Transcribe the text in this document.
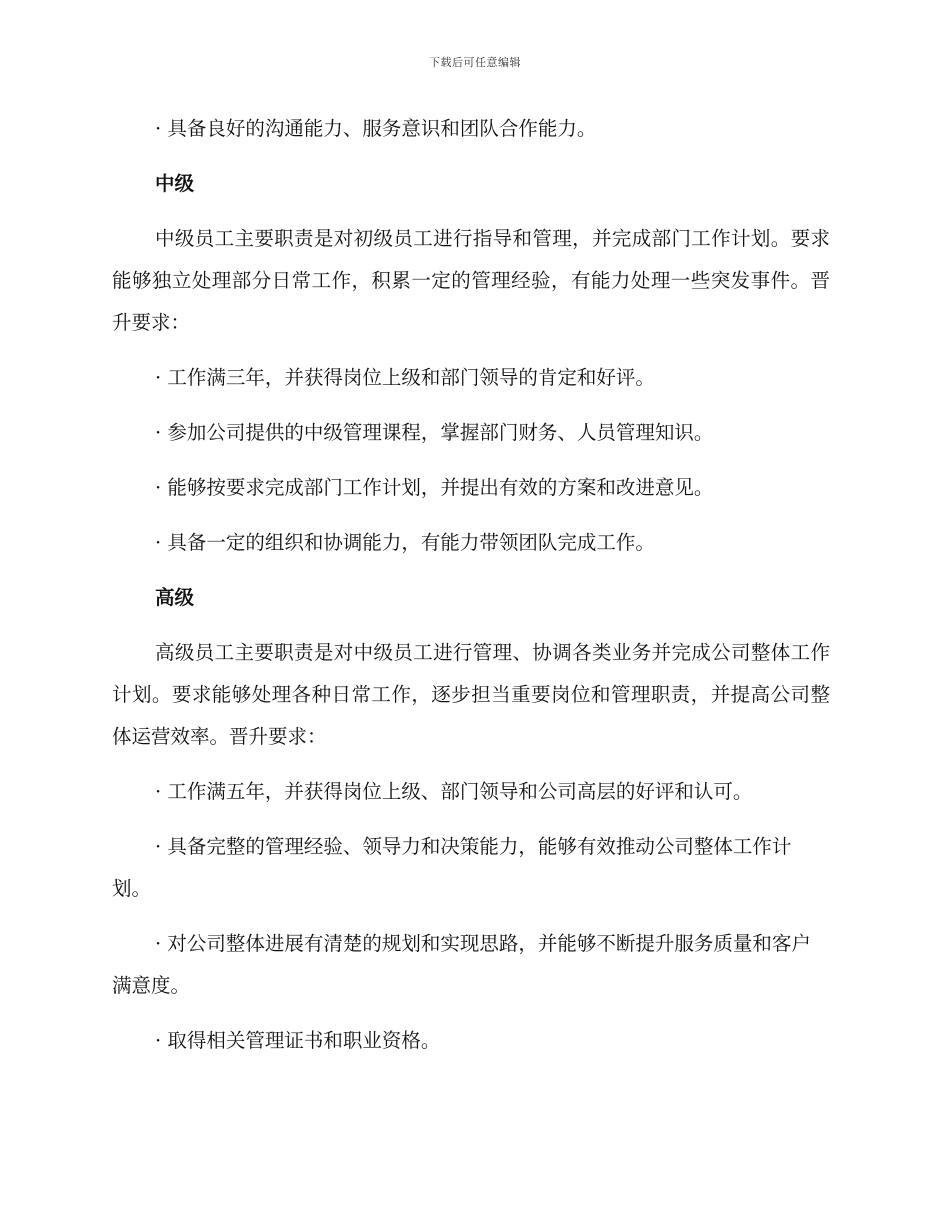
下载后可任意编辑

· 具备良好的沟通能力、服务意识和团队合作能力。

中级

中级员工主要职责是对初级员工进行指导和管理，并完成部门工作计划。要求能够独立处理部分日常工作，积累一定的管理经验，有能力处理一些突发事件。晋升要求：

· 工作满三年，并获得岗位上级和部门领导的肯定和好评。

· 参加公司提供的中级管理课程，掌握部门财务、人员管理知识。

· 能够按要求完成部门工作计划，并提出有效的方案和改进意见。

· 具备一定的组织和协调能力，有能力带领团队完成工作。

高级

高级员工主要职责是对中级员工进行管理、协调各类业务并完成公司整体工作计划。要求能够处理各种日常工作，逐步担当重要岗位和管理职责，并提高公司整体运营效率。晋升要求：

· 工作满五年，并获得岗位上级、部门领导和公司高层的好评和认可。

· 具备完整的管理经验、领导力和决策能力，能够有效推动公司整体工作计划。

· 对公司整体进展有清楚的规划和实现思路，并能够不断提升服务质量和客户满意度。

· 取得相关管理证书和职业资格。
